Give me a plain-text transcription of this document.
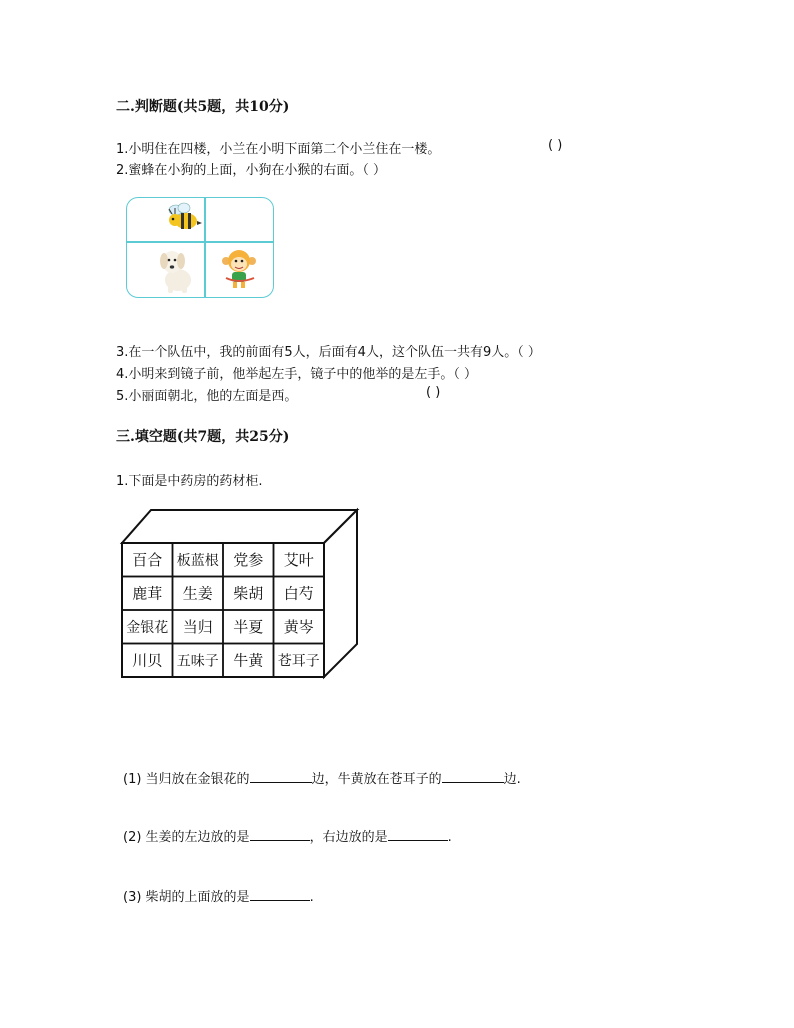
二.判断题(共5题，共10分)
1.小明住在四楼，小兰在小明下面第二个小兰住在一楼。	( )
2.蜜蜂在小狗的上面，小狗在小猴的右面。（ ）
3.在一个队伍中，我的前面有5人，后面有4人，这个队伍一共有9人。（ ）
4.小明来到镜子前，他举起左手，镜子中的他举的是左手。（ ）
5.小丽面朝北，他的左面是西。	( )
三.填空题(共7题，共25分)
1.下面是中药房的药材柜.
百合 板蓝根 党参 艾叶
鹿茸 生姜 柴胡 白芍
金银花 当归 半夏 黄岑
川贝 五味子 牛黄 苍耳子
(1) 当归放在金银花的	边，牛黄放在苍耳子的	边.
(2) 生姜的左边放的是	，右边放的是	.
(3) 柴胡的上面放的是	.
